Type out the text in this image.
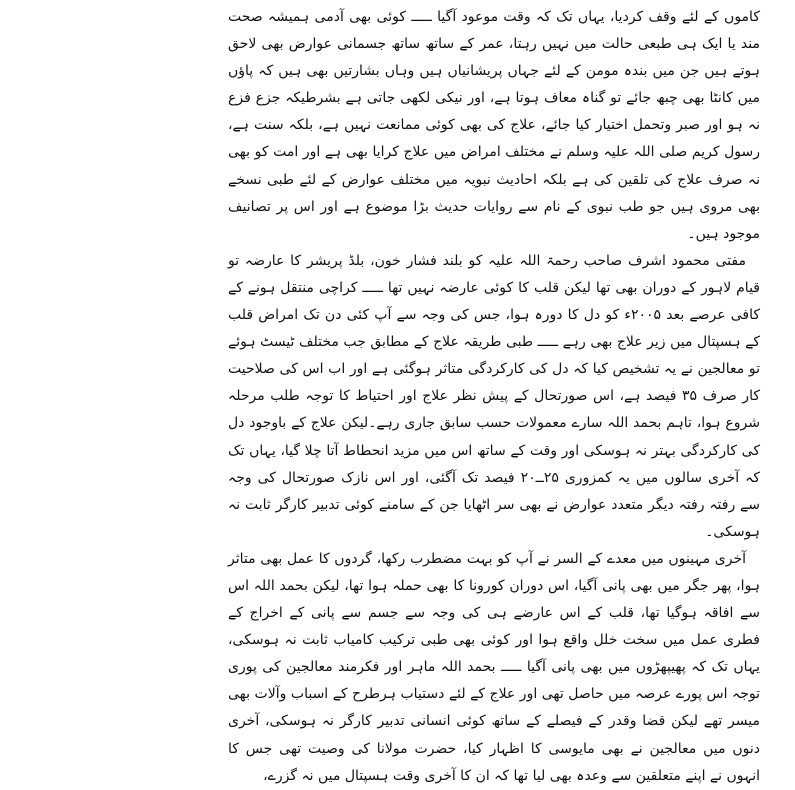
کاموں کے لئے وقف کردیا، یہاں تک کہ وقت موعود آگیا ـــــ کوئی بھی آدمی ہمیشہ صحت مند یا ایک ہی طبعی حالت میں نہیں رہتا، عمر کے ساتھ ساتھ جسمانی عوارض بھی لاحق ہوتے ہیں جن میں بندہ مومن کے لئے جہاں پریشانیاں ہیں وہاں بشارتیں بھی ہیں کہ پاؤں میں کانٹا بھی چبھ جائے تو گناہ معاف ہوتا ہے، اور نیکی لکھی جاتی ہے بشرطیکہ جزع فزع نہ ہو اور صبر وتحمل اختیار کیا جائے، علاج کی بھی کوئی ممانعت نہیں ہے، بلکہ سنت ہے، رسول کریم صلی اللہ علیہ وسلم نے مختلف امراض میں علاج کرایا بھی ہے اور امت کو بھی نہ صرف علاج کی تلقین کی ہے بلکہ احادیث نبویہ میں مختلف عوارض کے لئے طبی نسخے بھی مروی ہیں جو طب نبوی کے نام سے روایات حدیث بڑا موضوع ہے اور اس پر تصانیف موجود ہیں۔

مفتی محمود اشرف صاحب رحمۃ اللہ علیہ کو بلند فشار خون، بلڈ پریشر کا عارضہ تو قیام لاہور کے دوران بھی تھا لیکن قلب کا کوئی عارضہ نہیں تھا ـــــ کراچی منتقل ہونے کے کافی عرصے بعد ۲۰۰۵ء کو دل کا دورہ ہوا، جس کی وجہ سے آپ کئی دن تک امراض قلب کے ہسپتال میں زیر علاج بھی رہے ـــــ طبی طریقہ علاج کے مطابق جب مختلف ٹیسٹ ہوئے تو معالجین نے یہ تشخیص کیا کہ دل کی کارکردگی متاثر ہوگئی ہے اور اب اس کی صلاحیت کار صرف ۳۵ فیصد ہے، اس صورتحال کے پیش نظر علاج اور احتیاط کا توجہ طلب مرحلہ شروع ہوا، تاہم بحمد اللہ سارے معمولات حسب سابق جاری رہے۔لیکن علاج کے باوجود دل کی کارکردگی بہتر نہ ہوسکی اور وقت کے ساتھ اس میں مزید انحطاط آتا چلا گیا، یہاں تک کہ آخری سالوں میں یہ کمزوری ۲۵ــ۲۰ فیصد تک آگئی، اور اس نازک صورتحال کی وجہ سے رفتہ رفتہ دیگر متعدد عوارض نے بھی سر اٹھایا جن کے سامنے کوئی تدبیر کارگر ثابت نہ ہوسکی۔

آخری مہینوں میں معدے کے السر نے آپ کو بہت مضطرب رکھا، گردوں کا عمل بھی متاثر ہوا، پھر جگر میں بھی پانی آگیا، اس دوران کورونا کا بھی حملہ ہوا تھا، لیکن بحمد اللہ اس سے افاقہ ہوگیا تھا، قلب کے اس عارضے ہی کی وجہ سے جسم سے پانی کے اخراج کے فطری عمل میں سخت خلل واقع ہوا اور کوئی بھی طبی ترکیب کامیاب ثابت نہ ہوسکی، یہاں تک کہ پھیپھڑوں میں بھی پانی آگیا ـــــ بحمد اللہ ماہر اور فکرمند معالجین کی پوری توجہ اس پورے عرصہ میں حاصل تھی اور علاج کے لئے دستیاب ہرطرح کے اسباب وآلات بھی میسر تھے لیکن قضا وقدر کے فیصلے کے ساتھ کوئی انسانی تدبیر کارگر نہ ہوسکی، آخری دنوں میں معالجین نے بھی مایوسی کا اظہار کیا، حضرت مولانا کی وصیت تھی جس کا انہوں نے اپنے متعلقین سے وعدہ بھی لیا تھا کہ ان کا آخری وقت ہسپتال میں نہ گزرے،
